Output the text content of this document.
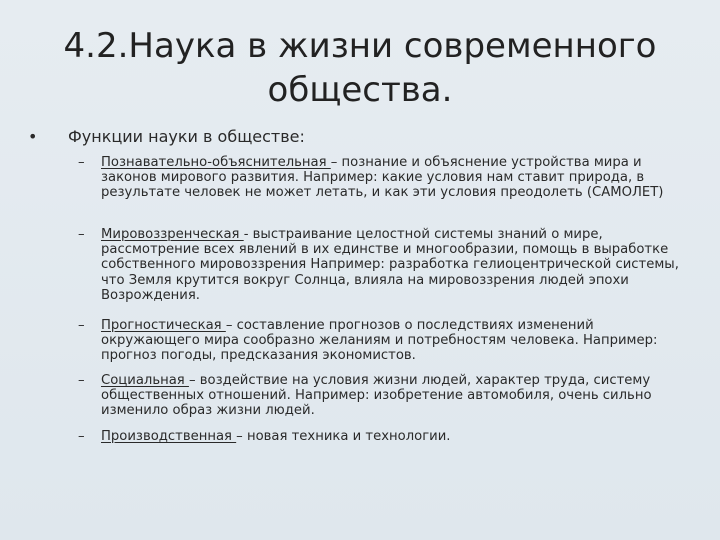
4.2.Наука в жизни современного
общества.
• Функции науки в обществе:
– Познавательно-объяснительная – познание и объяснение устройства мира и законов мирового развития. Например: какие условия нам ставит природа, в результате человек не может летать, и как эти условия преодолеть (САМОЛЕТ)
– Мировоззренческая - выстраивание целостной системы знаний о мире, рассмотрение всех явлений в их единстве и многообразии, помощь в выработке собственного мировоззрения Например: разработка гелиоцентрической системы, что Земля крутится вокруг Солнца, влияла на мировоззрения людей эпохи Возрождения.
– Прогностическая – составление прогнозов о последствиях изменений окружающего мира сообразно желаниям и потребностям человека. Например: прогноз погоды, предсказания экономистов.
– Социальная – воздействие на условия жизни людей, характер труда, систему общественных отношений. Например: изобретение автомобиля, очень сильно изменило образ жизни людей.
– Производственная – новая техника и технологии.
